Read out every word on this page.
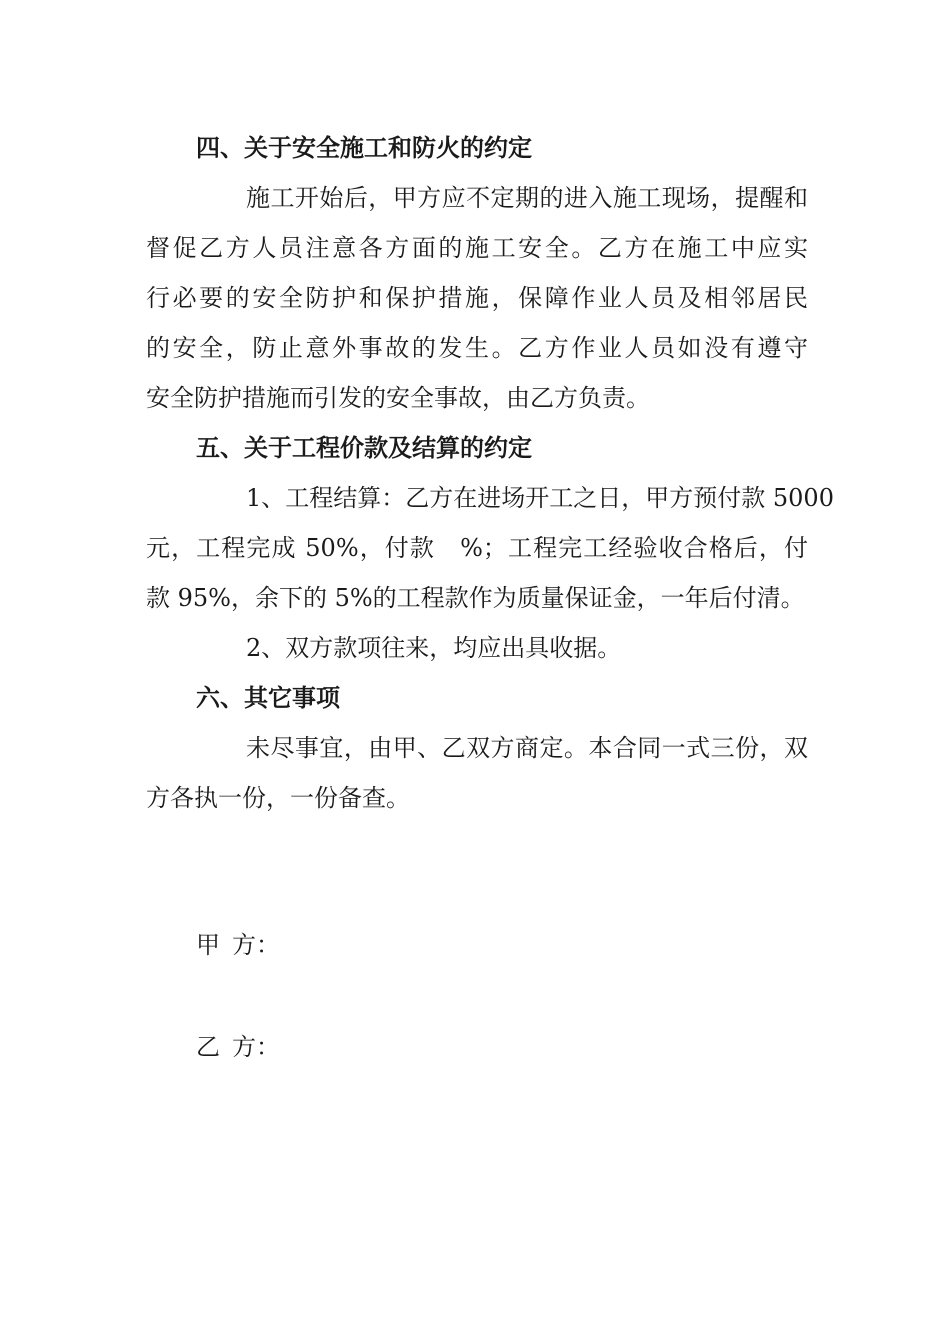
四、关于安全施工和防火的约定
施工开始后，甲方应不定期的进入施工现场，提醒和
督促乙方人员注意各方面的施工安全。乙方在施工中应实
行必要的安全防护和保护措施，保障作业人员及相邻居民
的安全，防止意外事故的发生。乙方作业人员如没有遵守
安全防护措施而引发的安全事故，由乙方负责。
五、关于工程价款及结算的约定
1、工程结算：乙方在进场开工之日，甲方预付款 5000
元，工程完成 50%，付款　%；工程完工经验收合格后，付
款 95%，余下的 5%的工程款作为质量保证金，一年后付清。
2、双方款项往来，均应出具收据。
六、其它事项
未尽事宜，由甲、乙双方商定。本合同一式三份，双
方各执一份，一份备查。
甲 方：
乙 方：
